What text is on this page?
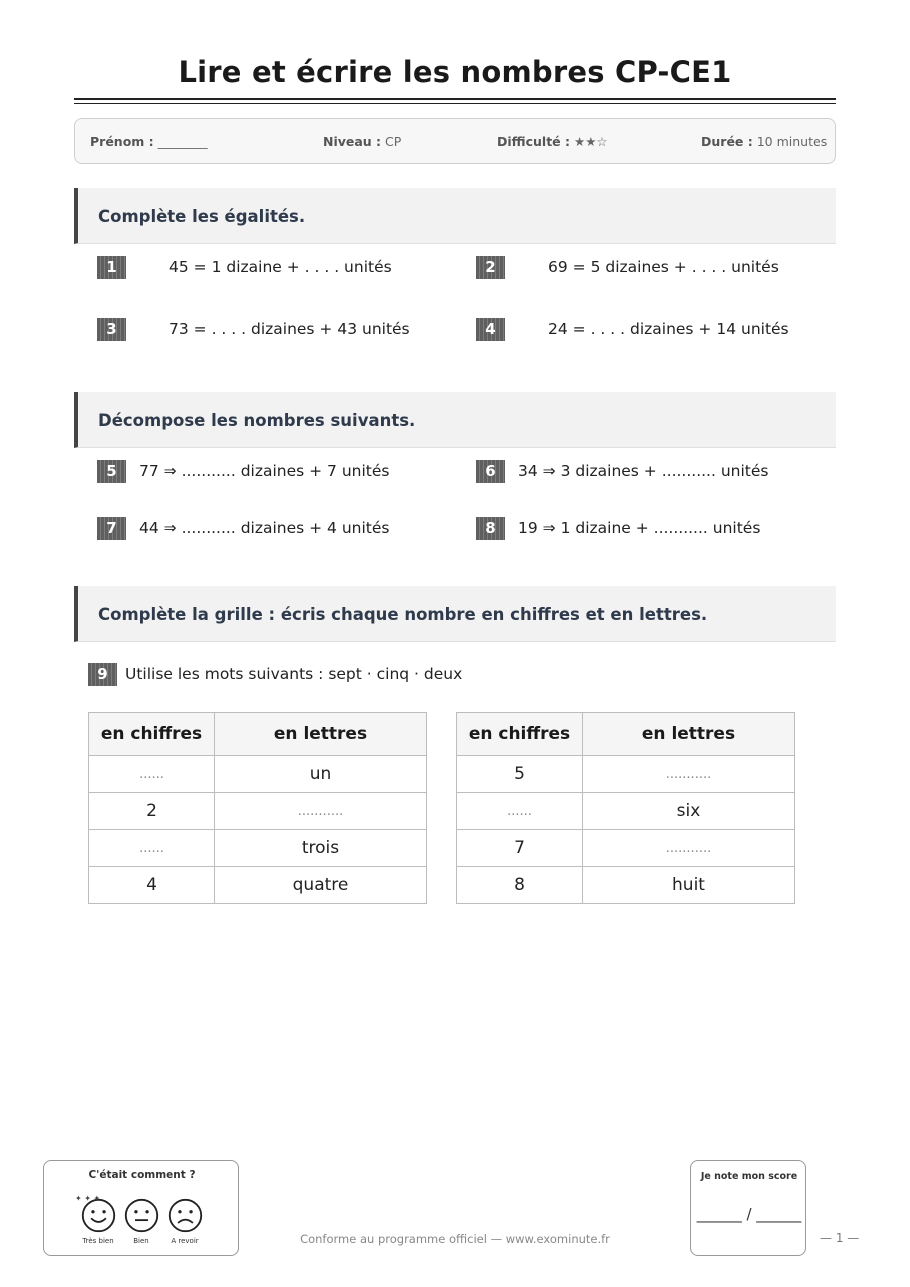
Lire et écrire les nombres CP-CE1
Prénom : ________	Niveau : CP	Difficulté : ★★☆	Durée : 10 minutes
Complète les égalités.
1	45 = 1 dizaine + . . . . unités	2	69 = 5 dizaines + . . . . unités
3	73 = . . . . dizaines + 43 unités	4	24 = . . . . dizaines + 14 unités
Décompose les nombres suivants.
5	77 ⇒ ........... dizaines + 7 unités	6	34 ⇒ 3 dizaines + ........... unités
7	44 ⇒ ........... dizaines + 4 unités	8	19 ⇒ 1 dizaine + ........... unités
Complète la grille : écris chaque nombre en chiffres et en lettres.
9	Utilise les mots suivants : sept · cinq · deux
en chiffres	en lettres
......	un
2	...........
......	trois
4	quatre
en chiffres	en lettres
5	...........
......	six
7	...........
8	huit
C'était comment ?
✦ ✦ ✦
Très bien	Bien	A revoir	Conforme au programme officiel — www.exominute.fr
Je note mon score
______ / ______
— 1 —
